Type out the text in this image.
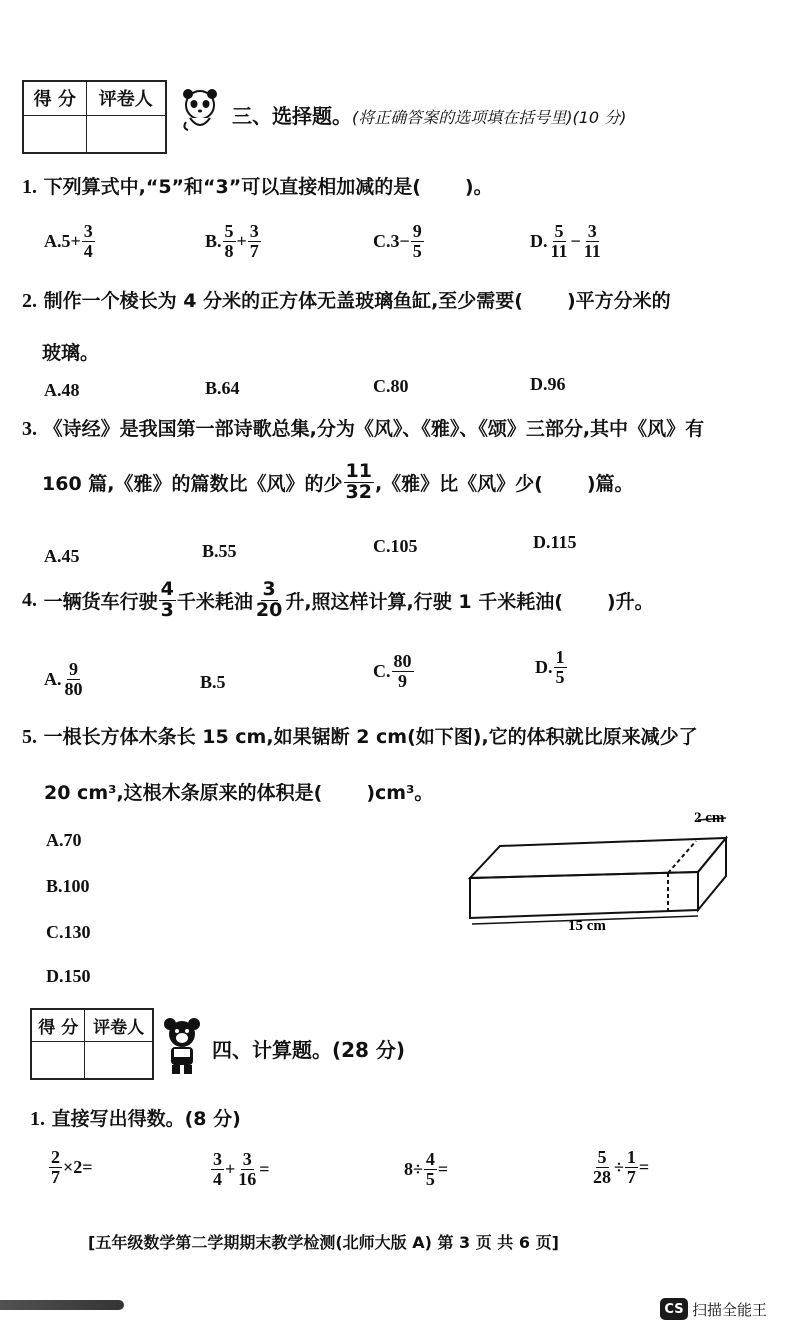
得 分	评卷人

三、选择题。(将正确答案的选项填在括号里)(10 分)
1. 下列算式中,“5”和“3”可以直接相加减的是( )。
A. $5+ \frac{3}{4}$	B. $\frac{5}{8} + \frac{3}{7}$	C. $3- \frac{9}{5}$	D. $\frac{5}{11} - \frac{3}{11}$
2. 制作一个棱长为 4 分米的正方体无盖玻璃鱼缸,至少需要( )平方分米的
玻璃。
A.48	B.64	C.80	D.96
3. 《诗经》是我国第一部诗歌总集,分为《风》、《雅》、《颂》三部分,其中《风》有
160 篇,《雅》的篇数比《风》的少 $\frac{11}{32}$ ,《雅》比《风》少( )篇。
A.45	B.55	C.105	D.115
4.
一辆货车行驶 $\frac{4}{3}$ 千米耗油 $\frac{3}{20}$ 升,照这样计算,行驶 1 千米耗油( )升。
A. $\frac{9}{80}$	B.5
C. $\frac{80}{9}$	D. $\frac{1}{5}$
5. 一根长方体木条长 15 cm,如果锯断 2 cm(如下图),它的体积就比原来减少了
20 cm³,这根木条原来的体积是( )cm³。
A.70
B.100
C.130
D.150
2 cm
15 cm
得 分	评卷人

四、计算题。(28 分)
1. 直接写出得数。(8 分)
$\frac{2}{7} \times 2=$	$\frac{3}{4} + \frac{3}{16}$ =	$8\div \frac{4}{5}$ =	$\frac{5}{28} \div \frac{1}{7}$ =
[五年级数学第二学期期末教学检测(北师大版 A) 第 3 页 共 6 页]
CS 扫描全能王
